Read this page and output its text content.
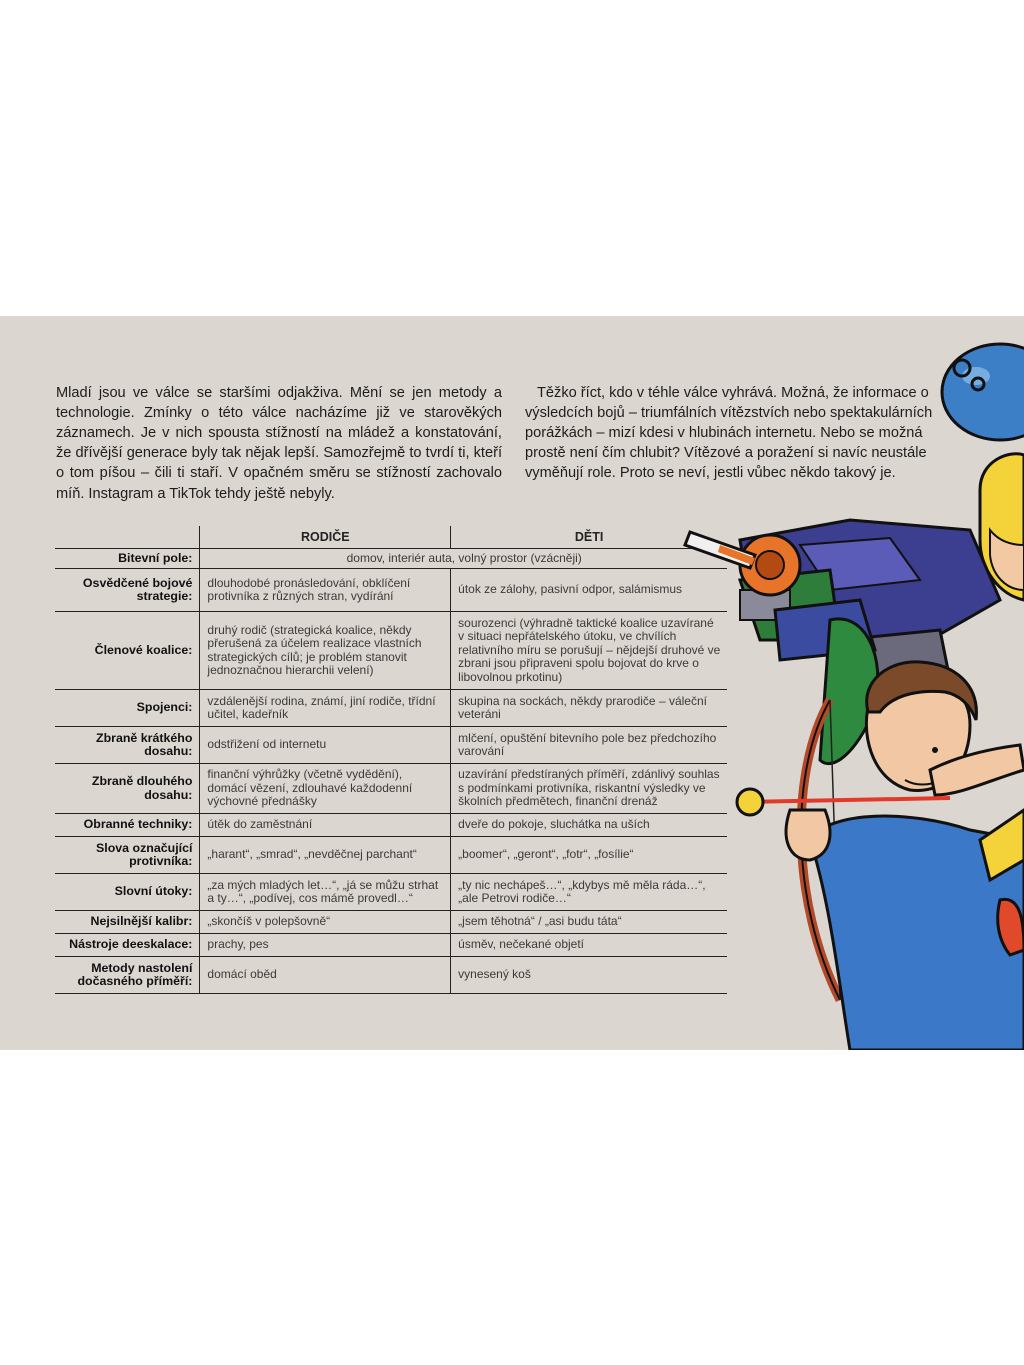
Mladí jsou ve válce se staršími odjakživa. Mění se jen metody a technologie. Zmínky o této válce nacházíme již ve starověkých záznamech. Je v nich spousta stížností na mládež a konstatování, že dřívější generace byly tak nějak lepší. Samozřejmě to tvrdí ti, kteří o tom píšou – čili ti staří. V opačném směru se stížností zachovalo míň. Instagram a TikTok tehdy ještě nebyly.

Těžko říct, kdo v téhle válce vyhrává. Možná, že informace o výsledcích bojů – triumfálních vítězstvích nebo spektakulárních porážkách – mizí kdesi v hlubinách internetu. Nebo se možná prostě není čím chlubit? Vítězové a poražení si navíc neustále vyměňují role. Proto se neví, jestli vůbec někdo takový je.

	RODIČE	DĚTI
Bitevní pole:	domov, interiér auta, volný prostor (vzácněji)	
Osvědčené bojové strategie:	dlouhodobé pronásledování, obklíčení protivníka z různých stran, vydírání	útok ze zálohy, pasivní odpor, salámismus
Členové koalice:	druhý rodič (strategická koalice, někdy přerušená za účelem realizace vlastních strategických cílů; je problém stanovit jednoznačnou hierarchii velení)	sourozenci (výhradně taktické koalice uzavírané v situaci nepřátelského útoku, ve chvílích relativního míru se porušují – nějdejší druhové ve zbrani jsou připraveni spolu bojovat do krve o libovolnou prkotinu)
Spojenci:	vzdálenější rodina, známí, jiní rodiče, třídní učitel, kadeřník	skupina na sockách, někdy prarodiče – váleční veteráni
Zbraně krátkého dosahu:	odstřižení od internetu	mlčení, opuštění bitevního pole bez předchozího varování
Zbraně dlouhého dosahu:	finanční výhrůžky (včetně vydědění), domácí vězení, zdlouhavé každodenní výchovné přednášky	uzavírání předstíraných příměří, zdánlivý souhlas s podmínkami protivníka, riskantní výsledky ve školních předmětech, finanční drenáž
Obranné techniky:	útěk do zaměstnání	dveře do pokoje, sluchátka na uších
Slova označující protivníka:	„harant“, „smrad“, „nevděčnej parchant“	„boomer“, „geront“, „fotr“, „fosílie“
Slovní útoky:	„za mých mladých let…“, „já se můžu strhat a ty…“, „podívej, cos mámě provedl…“	„ty nic nechápeš…“, „kdybys mě měla ráda…“, „ale Petrovi rodiče…“
Nejsilnější kalibr:	„skončíš v polepšovně“	„jsem těhotná“ / „asi budu táta“
Nástroje deeskalace:	prachy, pes	úsměv, nečekané objetí
Metody nastolení dočasného příměří:	domácí oběd	vynesený koš
